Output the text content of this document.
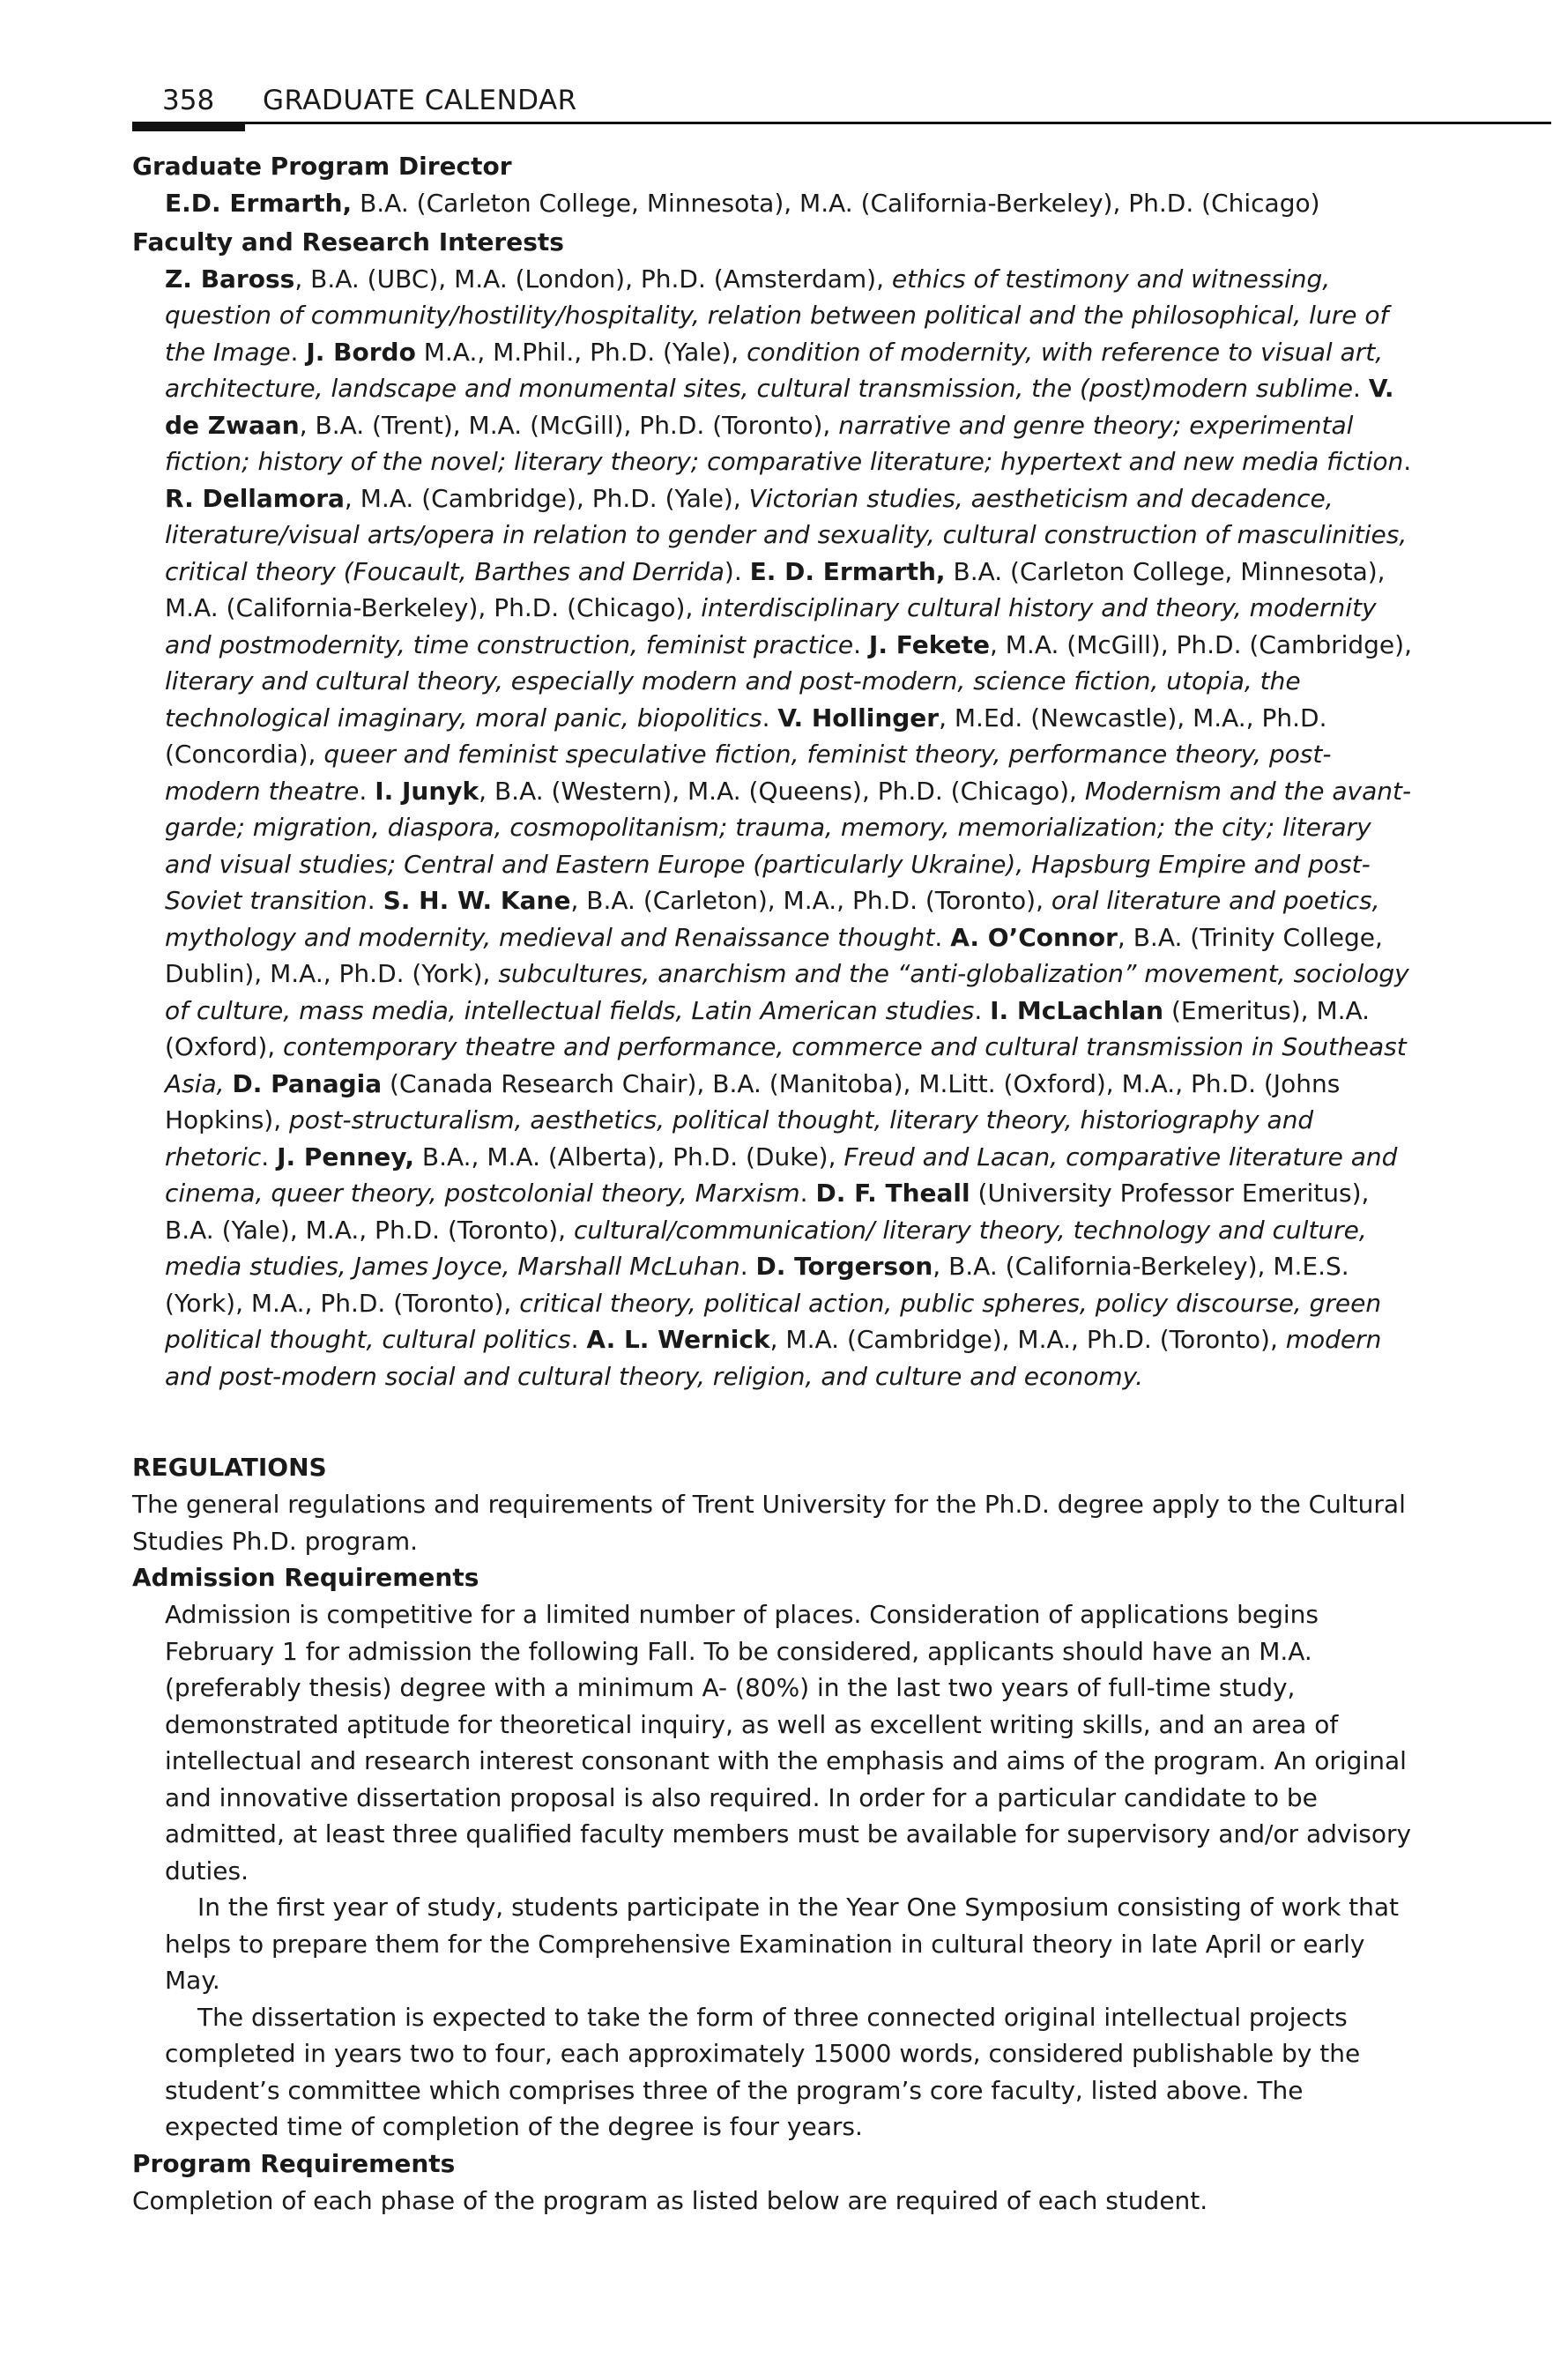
358 GRADUATE CALENDAR

Graduate Program Director

E.D. Ermarth, B.A. (Carleton College, Minnesota), M.A. (California-Berkeley), Ph.D. (Chicago)

Faculty and Research Interests

Z. Baross, B.A. (UBC), M.A. (London), Ph.D. (Amsterdam), ethics of testimony and witnessing, question of community/hostility/hospitality, relation between political and the philosophical, lure of the Image. J. Bordo M.A., M.Phil., Ph.D. (Yale), condition of modernity, with reference to visual art, architecture, landscape and monumental sites, cultural transmission, the (post)modern sublime. V. de Zwaan, B.A. (Trent), M.A. (McGill), Ph.D. (Toronto), narrative and genre theory; experimental fiction; history of the novel; literary theory; comparative literature; hypertext and new media fiction. R. Dellamora, M.A. (Cambridge), Ph.D. (Yale), Victorian studies, aestheticism and decadence, literature/visual arts/opera in relation to gender and sexuality, cultural construction of masculinities, critical theory (Foucault, Barthes and Derrida). E. D. Ermarth, B.A. (Carleton College, Minnesota), M.A. (California-Berkeley), Ph.D. (Chicago), interdisciplinary cultural history and theory, modernity and postmodernity, time construction, feminist practice. J. Fekete, M.A. (McGill), Ph.D. (Cambridge), literary and cultural theory, especially modern and post-modern, science fiction, utopia, the technological imaginary, moral panic, biopolitics. V. Hollinger, M.Ed. (Newcastle), M.A., Ph.D. (Concordia), queer and feminist speculative fiction, feminist theory, performance theory, post-modern theatre. I. Junyk, B.A. (Western), M.A. (Queens), Ph.D. (Chicago), Modernism and the avant-garde; migration, diaspora, cosmopolitanism; trauma, memory, memorialization; the city; literary and visual studies; Central and Eastern Europe (particularly Ukraine), Hapsburg Empire and post-Soviet transition. S. H. W. Kane, B.A. (Carleton), M.A., Ph.D. (Toronto), oral literature and poetics, mythology and modernity, medieval and Renaissance thought. A. O’Connor, B.A. (Trinity College, Dublin), M.A., Ph.D. (York), subcultures, anarchism and the “anti-globalization” movement, sociology of culture, mass media, intellectual fields, Latin American studies. I. McLachlan (Emeritus), M.A. (Oxford), contemporary theatre and performance, commerce and cultural transmission in Southeast Asia, D. Panagia (Canada Research Chair), B.A. (Manitoba), M.Litt. (Oxford), M.A., Ph.D. (Johns Hopkins), post-structuralism, aesthetics, political thought, literary theory, historiography and rhetoric. J. Penney, B.A., M.A. (Alberta), Ph.D. (Duke), Freud and Lacan, comparative literature and cinema, queer theory, postcolonial theory, Marxism. D. F. Theall (University Professor Emeritus), B.A. (Yale), M.A., Ph.D. (Toronto), cultural/communication/ literary theory, technology and culture, media studies, James Joyce, Marshall McLuhan. D. Torgerson, B.A. (California-Berkeley), M.E.S. (York), M.A., Ph.D. (Toronto), critical theory, political action, public spheres, policy discourse, green political thought, cultural politics. A. L. Wernick, M.A. (Cambridge), M.A., Ph.D. (Toronto), modern and post-modern social and cultural theory, religion, and culture and economy.

REGULATIONS

The general regulations and requirements of Trent University for the Ph.D. degree apply to the Cultural Studies Ph.D. program.

Admission Requirements

Admission is competitive for a limited number of places. Consideration of applications begins February 1 for admission the following Fall. To be considered, applicants should have an M.A. (preferably thesis) degree with a minimum A- (80%) in the last two years of full-time study, demonstrated aptitude for theoretical inquiry, as well as excellent writing skills, and an area of intellectual and research interest consonant with the emphasis and aims of the program. An original and innovative dissertation proposal is also required. In order for a particular candidate to be admitted, at least three qualified faculty members must be available for supervisory and/or advisory duties.

In the first year of study, students participate in the Year One Symposium consisting of work that helps to prepare them for the Comprehensive Examination in cultural theory in late April or early May.

The dissertation is expected to take the form of three connected original intellectual projects completed in years two to four, each approximately 15000 words, considered publishable by the student’s committee which comprises three of the program’s core faculty, listed above. The expected time of completion of the degree is four years.

Program Requirements

Completion of each phase of the program as listed below are required of each student.
